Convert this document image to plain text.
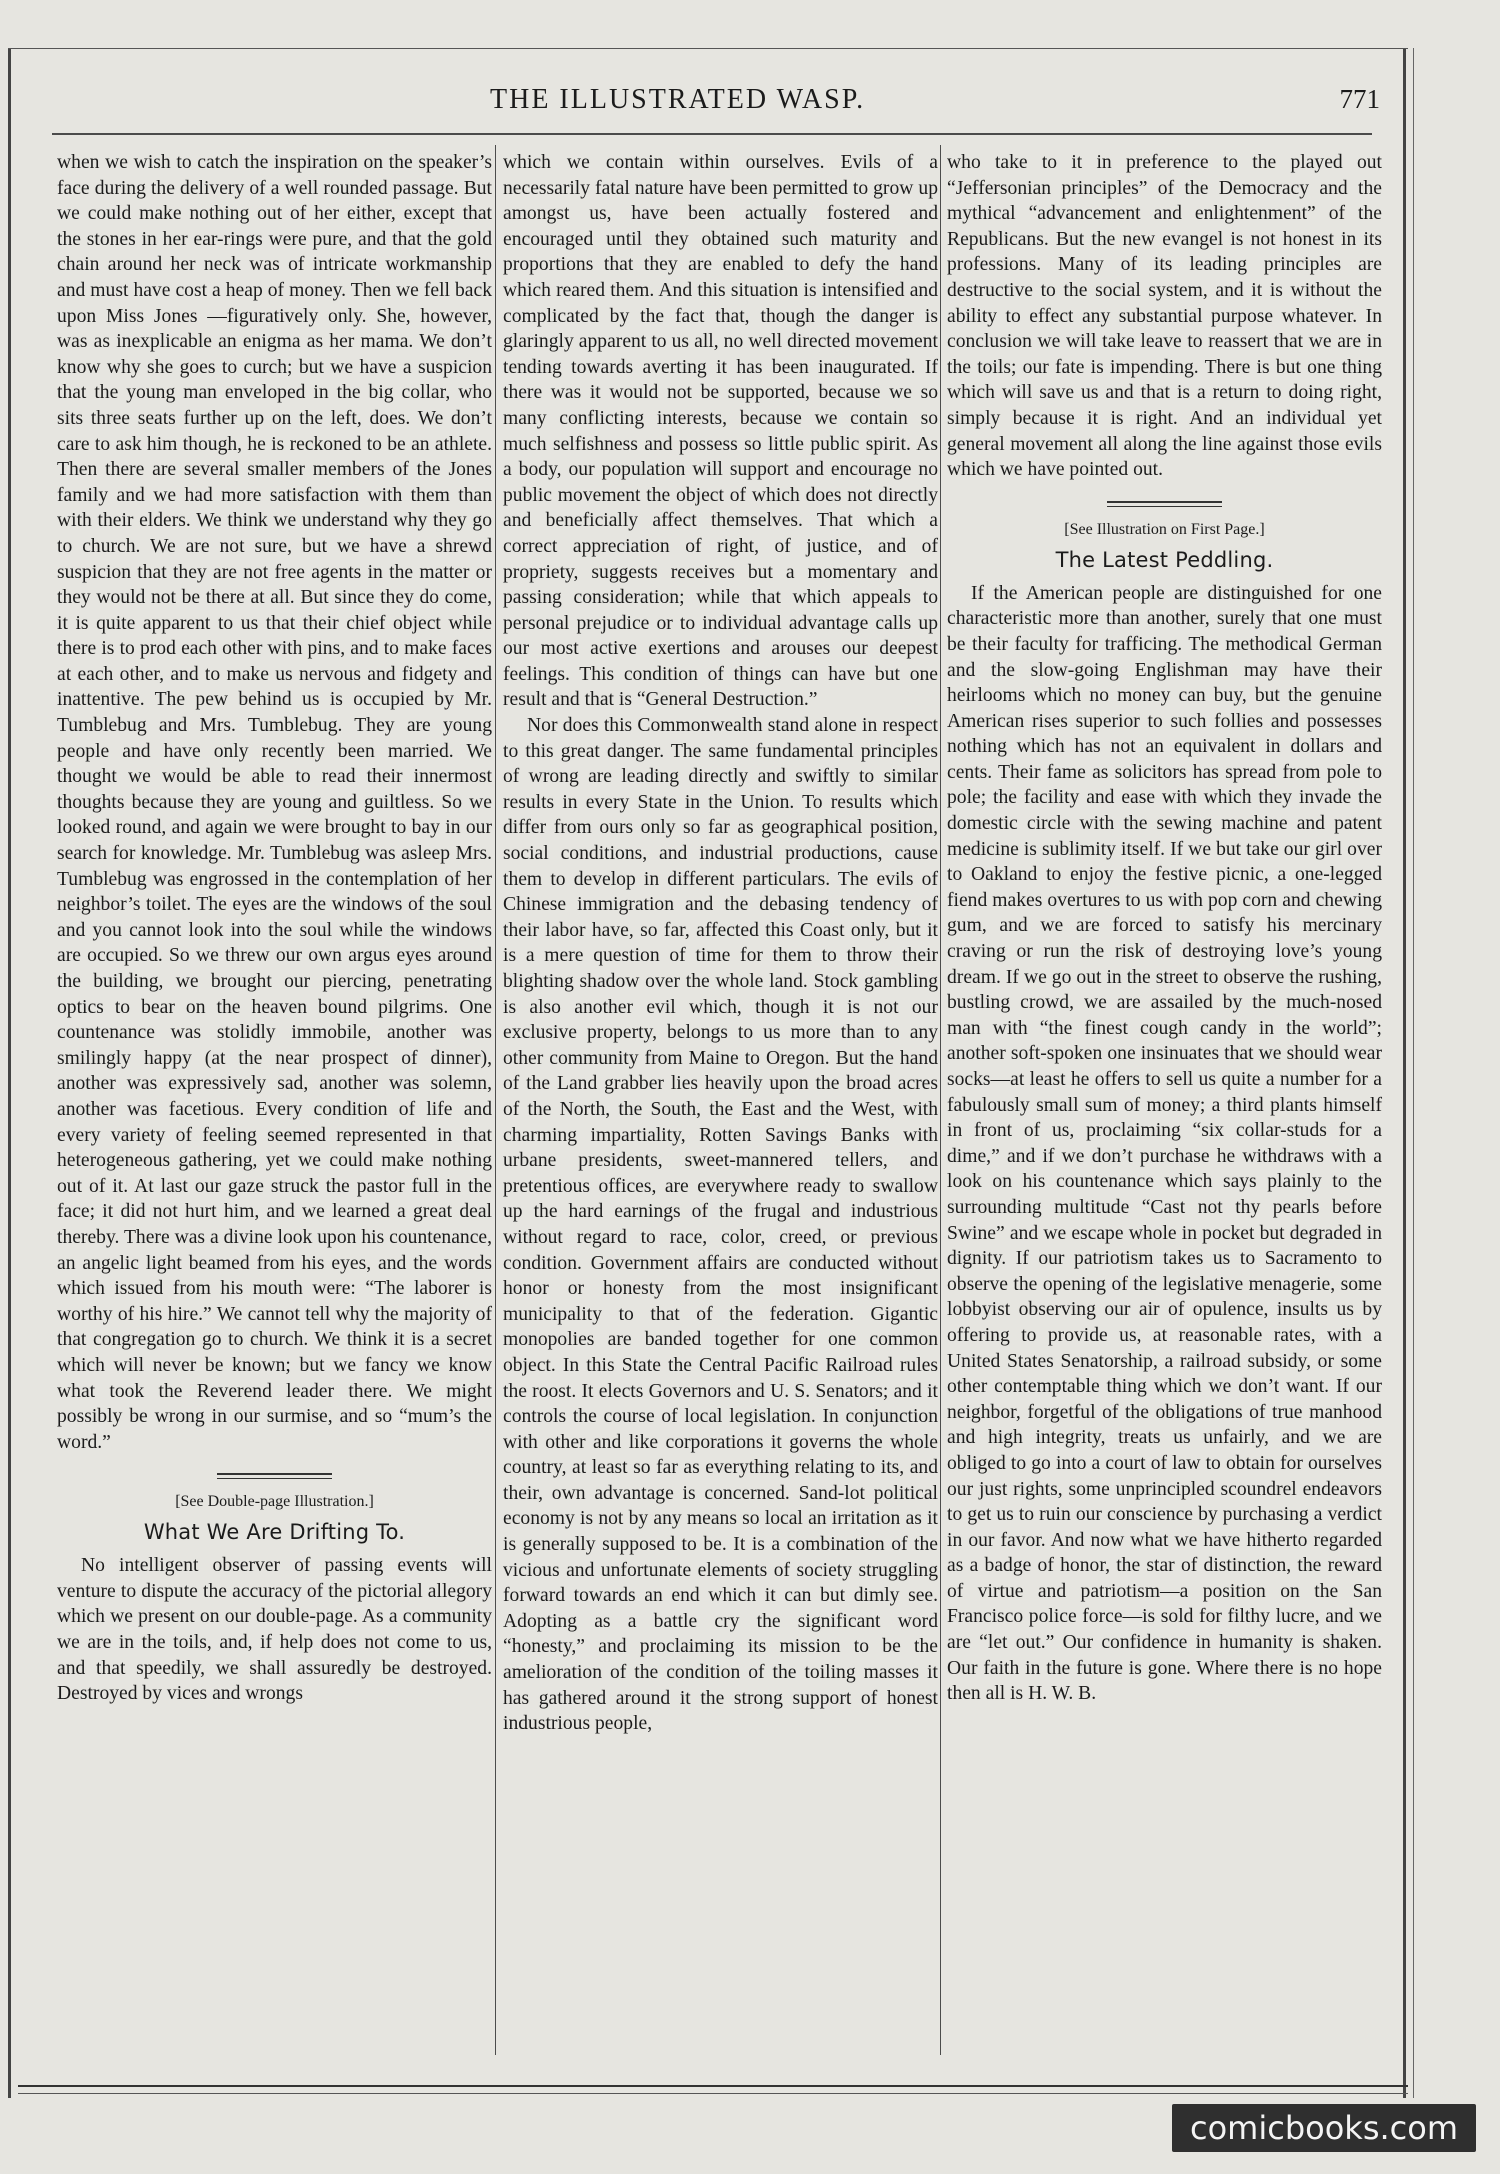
THE ILLUSTRATED WASP.	771

when we wish to catch the inspiration on the speaker’s face during the delivery of a well rounded passage. But we could make nothing out of her either, except that the stones in her ear-rings were pure, and that the gold chain around her neck was of intricate workmanship and must have cost a heap of money. Then we fell back upon Miss Jones —figuratively only. She, however, was as inexplicable an enigma as her mama. We don’t know why she goes to curch; but we have a suspicion that the young man enveloped in the big collar, who sits three seats further up on the left, does. We don’t care to ask him though, he is reckoned to be an athlete. Then there are several smaller members of the Jones family and we had more satisfaction with them than with their elders. We think we understand why they go to church. We are not sure, but we have a shrewd suspicion that they are not free agents in the matter or they would not be there at all. But since they do come, it is quite apparent to us that their chief object while there is to prod each other with pins, and to make faces at each other, and to make us nervous and fidgety and inattentive. The pew behind us is occupied by Mr. Tumblebug and Mrs. Tumblebug. They are young people and have only recently been married. We thought we would be able to read their innermost thoughts because they are young and guiltless. So we looked round, and again we were brought to bay in our search for knowledge. Mr. Tumblebug was asleep Mrs. Tumblebug was engrossed in the contemplation of her neighbor’s toilet. The eyes are the windows of the soul and you cannot look into the soul while the windows are occupied. So we threw our own argus eyes around the building, we brought our piercing, penetrating optics to bear on the heaven bound pilgrims. One countenance was stolidly immobile, another was smilingly happy (at the near prospect of dinner), another was expressively sad, another was solemn, another was facetious. Every condition of life and every variety of feeling seemed represented in that heterogeneous gathering, yet we could make nothing out of it. At last our gaze struck the pastor full in the face; it did not hurt him, and we learned a great deal thereby. There was a divine look upon his countenance, an angelic light beamed from his eyes, and the words which issued from his mouth were: “The laborer is worthy of his hire.” We cannot tell why the majority of that congregation go to church. We think it is a secret which will never be known; but we fancy we know what took the Reverend leader there. We might possibly be wrong in our surmise, and so “mum’s the word.”

[See Double-page Illustration.]
What We Are Drifting To.

No intelligent observer of passing events will venture to dispute the accuracy of the pictorial allegory which we present on our double-page. As a community we are in the toils, and, if help does not come to us, and that speedily, we shall assuredly be destroyed. Destroyed by vices and wrongs

which we contain within ourselves. Evils of a necessarily fatal nature have been permitted to grow up amongst us, have been actually fostered and encouraged until they obtained such maturity and proportions that they are enabled to defy the hand which reared them. And this situation is intensified and complicated by the fact that, though the danger is glaringly apparent to us all, no well directed movement tending towards averting it has been inaugurated. If there was it would not be supported, because we so many conflicting interests, because we contain so much selfishness and possess so little public spirit. As a body, our population will support and encourage no public movement the object of which does not directly and beneficially affect themselves. That which a correct appreciation of right, of justice, and of propriety, suggests receives but a momentary and passing consideration; while that which appeals to personal prejudice or to individual advantage calls up our most active exertions and arouses our deepest feelings. This condition of things can have but one result and that is “General Destruction.”

Nor does this Commonwealth stand alone in respect to this great danger. The same fundamental principles of wrong are leading directly and swiftly to similar results in every State in the Union. To results which differ from ours only so far as geographical position, social conditions, and industrial productions, cause them to develop in different particulars. The evils of Chinese immigration and the debasing tendency of their labor have, so far, affected this Coast only, but it is a mere question of time for them to throw their blighting shadow over the whole land. Stock gambling is also another evil which, though it is not our exclusive property, belongs to us more than to any other community from Maine to Oregon. But the hand of the Land grabber lies heavily upon the broad acres of the North, the South, the East and the West, with charming impartiality, Rotten Savings Banks with urbane presidents, sweet-mannered tellers, and pretentious offices, are everywhere ready to swallow up the hard earnings of the frugal and industrious without regard to race, color, creed, or previous condition. Government affairs are conducted without honor or honesty from the most insignificant municipality to that of the federation. Gigantic monopolies are banded together for one common object. In this State the Central Pacific Railroad rules the roost. It elects Governors and U. S. Senators; and it controls the course of local legislation. In conjunction with other and like corporations it governs the whole country, at least so far as everything relating to its, and their, own advantage is concerned. Sand-lot political economy is not by any means so local an irritation as it is generally supposed to be. It is a combination of the vicious and unfortunate elements of society struggling forward towards an end which it can but dimly see. Adopting as a battle cry the significant word “honesty,” and proclaiming its mission to be the amelioration of the condition of the toiling masses it has gathered around it the strong support of honest industrious people,

who take to it in preference to the played out “Jeffersonian principles” of the Democracy and the mythical “advancement and enlightenment” of the Republicans. But the new evangel is not honest in its professions. Many of its leading principles are destructive to the social system, and it is without the ability to effect any substantial purpose whatever. In conclusion we will take leave to reassert that we are in the toils; our fate is impending. There is but one thing which will save us and that is a return to doing right, simply because it is right. And an individual yet general movement all along the line against those evils which we have pointed out.

[See Illustration on First Page.]
The Latest Peddling.

If the American people are distinguished for one characteristic more than another, surely that one must be their faculty for trafficing. The methodical German and the slow-going Englishman may have their heirlooms which no money can buy, but the genuine American rises superior to such follies and possesses nothing which has not an equivalent in dollars and cents. Their fame as solicitors has spread from pole to pole; the facility and ease with which they invade the domestic circle with the sewing machine and patent medicine is sublimity itself. If we but take our girl over to Oakland to enjoy the festive picnic, a one-legged fiend makes overtures to us with pop corn and chewing gum, and we are forced to satisfy his mercinary craving or run the risk of destroying love’s young dream. If we go out in the street to observe the rushing, bustling crowd, we are assailed by the much-nosed man with “the finest cough candy in the world”; another soft-spoken one insinuates that we should wear socks—at least he offers to sell us quite a number for a fabulously small sum of money; a third plants himself in front of us, proclaiming “six collar-studs for a dime,” and if we don’t purchase he withdraws with a look on his countenance which says plainly to the surrounding multitude “Cast not thy pearls before Swine” and we escape whole in pocket but degraded in dignity. If our patriotism takes us to Sacramento to observe the opening of the legislative menagerie, some lobbyist observing our air of opulence, insults us by offering to provide us, at reasonable rates, with a United States Senatorship, a railroad subsidy, or some other contemptable thing which we don’t want. If our neighbor, forgetful of the obligations of true manhood and high integrity, treats us unfairly, and we are obliged to go into a court of law to obtain for ourselves our just rights, some unprincipled scoundrel endeavors to get us to ruin our conscience by purchasing a verdict in our favor. And now what we have hitherto regarded as a badge of honor, the star of distinction, the reward of virtue and patriotism—a position on the San Francisco police force—is sold for filthy lucre, and we are “let out.” Our confidence in humanity is shaken. Our faith in the future is gone. Where there is no hope then all is H. W. B.

comicbooks.com
